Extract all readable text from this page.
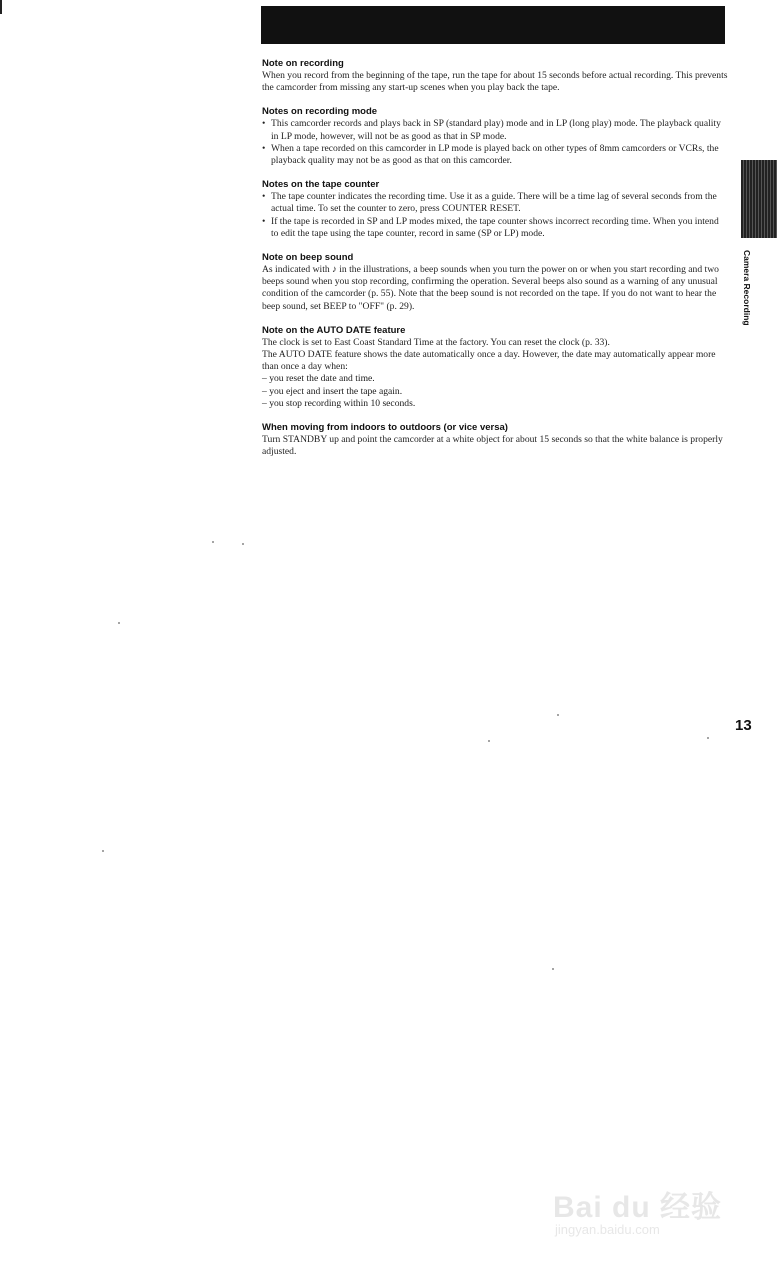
Note on recording

When you record from the beginning of the tape, run the tape for about 15 seconds before actual recording. This prevents the camcorder from missing any start-up scenes when you play back the tape.

Notes on recording mode

• This camcorder records and plays back in SP (standard play) mode and in LP (long play) mode. The playback quality in LP mode, however, will not be as good as that in SP mode.
• When a tape recorded on this camcorder in LP mode is played back on other types of 8mm camcorders or VCRs, the playback quality may not be as good as that on this camcorder.

Notes on the tape counter

• The tape counter indicates the recording time. Use it as a guide. There will be a time lag of several seconds from the actual time. To set the counter to zero, press COUNTER RESET.
• If the tape is recorded in SP and LP modes mixed, the tape counter shows incorrect recording time. When you intend to edit the tape using the tape counter, record in same (SP or LP) mode.

Note on beep sound

As indicated with ♪ in the illustrations, a beep sounds when you turn the power on or when you start recording and two beeps sound when you stop recording, confirming the operation. Several beeps also sound as a warning of any unusual condition of the camcorder (p. 55). Note that the beep sound is not recorded on the tape. If you do not want to hear the beep sound, set BEEP to "OFF" (p. 29).

Note on the AUTO DATE feature

The clock is set to East Coast Standard Time at the factory. You can reset the clock (p. 33).

The AUTO DATE feature shows the date automatically once a day. However, the date may automatically appear more than once a day when:

– you reset the date and time.

– you eject and insert the tape again.

– you stop recording within 10 seconds.

When moving from indoors to outdoors (or vice versa)

Turn STANDBY up and point the camcorder at a white object for about 15 seconds so that the white balance is properly adjusted.

Camera Recording
13
Bai du 经验
jingyan.baidu.com
